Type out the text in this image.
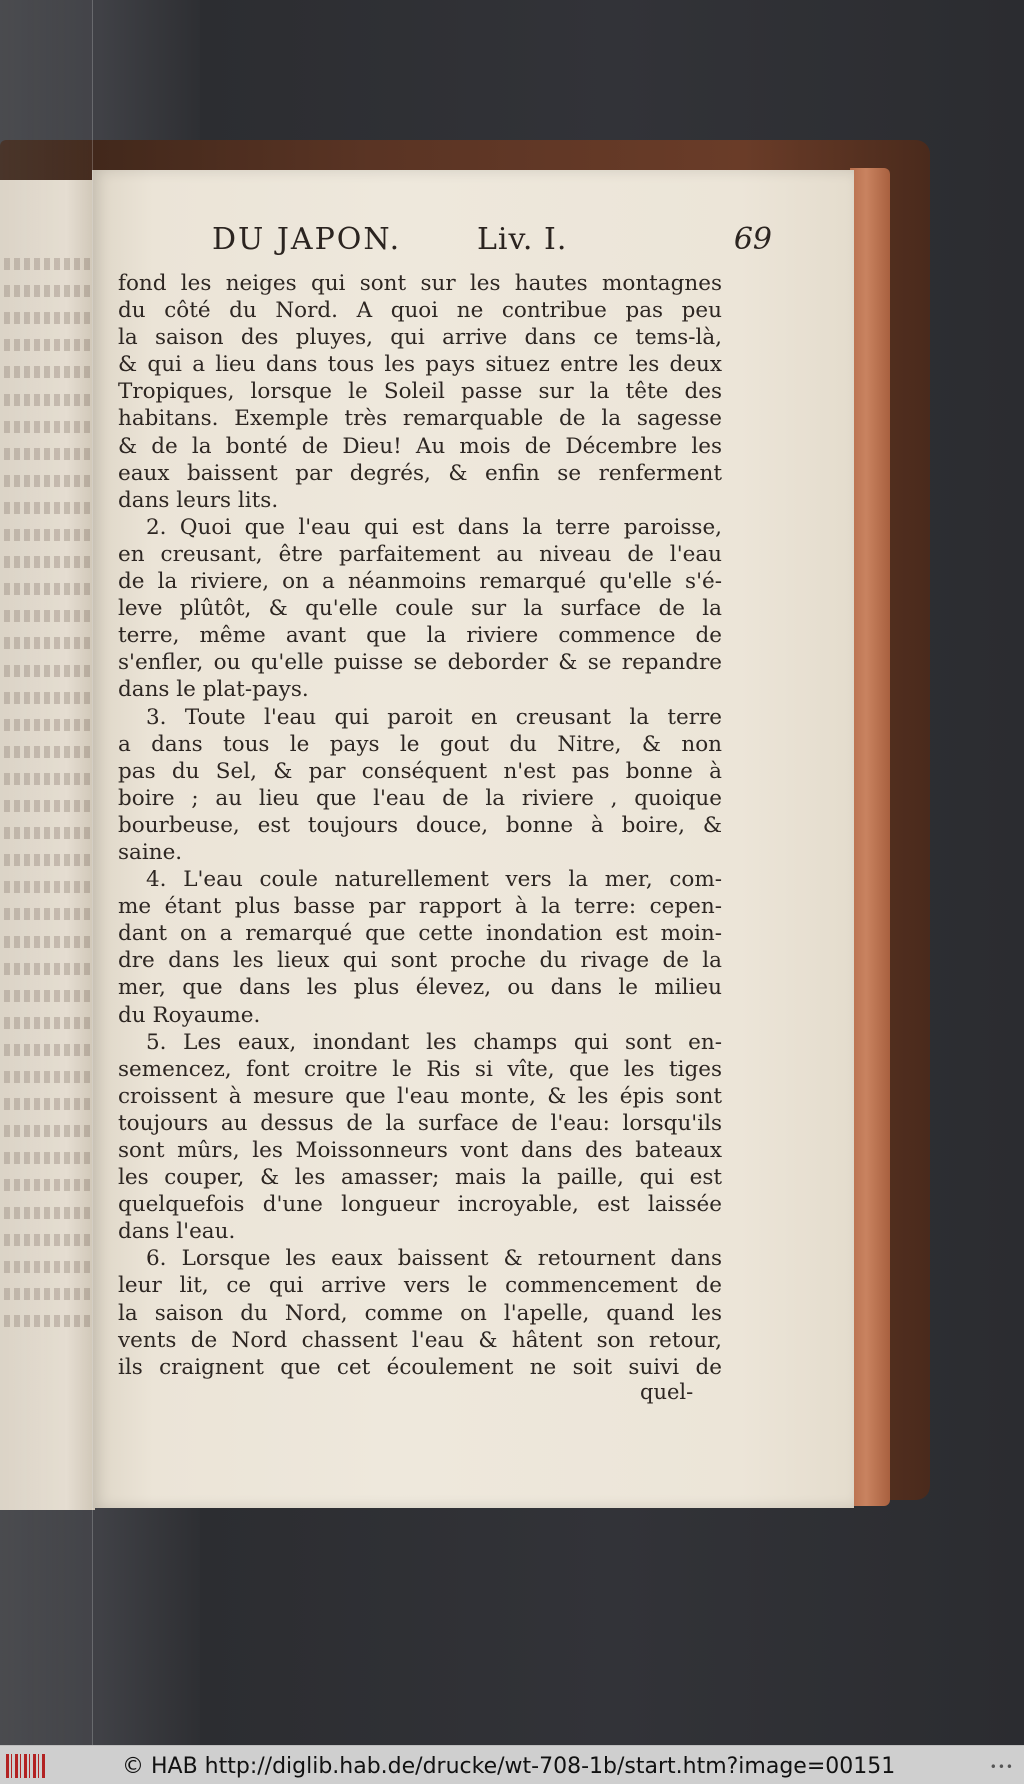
DU JAPON.	Liv. I.	69
fond les neiges qui sont sur les hautes montagnes
du côté du Nord. A quoi ne contribue pas peu
la saison des pluyes, qui arrive dans ce tems-là,
& qui a lieu dans tous les pays situez entre les deux
Tropiques, lorsque le Soleil passe sur la tête des
habitans. Exemple très remarquable de la sagesse
& de la bonté de Dieu! Au mois de Décembre les
eaux baissent par degrés, & enfin se renferment
dans leurs lits.
2. Quoi que l'eau qui est dans la terre paroisse,
en creusant, être parfaitement au niveau de l'eau
de la riviere, on a néanmoins remarqué qu'elle s'é-
leve plûtôt, & qu'elle coule sur la surface de la
terre, même avant que la riviere commence de
s'enfler, ou qu'elle puisse se deborder & se repandre
dans le plat-pays.
3. Toute l'eau qui paroit en creusant la terre
a dans tous le pays le gout du Nitre, & non
pas du Sel, & par conséquent n'est pas bonne à
boire ; au lieu que l'eau de la riviere , quoique
bourbeuse, est toujours douce, bonne à boire, &
saine.
4. L'eau coule naturellement vers la mer, com-
me étant plus basse par rapport à la terre: cepen-
dant on a remarqué que cette inondation est moin-
dre dans les lieux qui sont proche du rivage de la
mer, que dans les plus élevez, ou dans le milieu
du Royaume.
5. Les eaux, inondant les champs qui sont en-
semencez, font croitre le Ris si vîte, que les tiges
croissent à mesure que l'eau monte, & les épis sont
toujours au dessus de la surface de l'eau: lorsqu'ils
sont mûrs, les Moissonneurs vont dans des bateaux
les couper, & les amasser; mais la paille, qui est
quelquefois d'une longueur incroyable, est laissée
dans l'eau.
6. Lorsque les eaux baissent & retournent dans
leur lit, ce qui arrive vers le commencement de
la saison du Nord, comme on l'apelle, quand les
vents de Nord chassent l'eau & hâtent son retour,
ils craignent que cet écoulement ne soit suivi de
quel-
© HAB http://diglib.hab.de/drucke/wt-708-1b/start.htm?image=00151	•••
